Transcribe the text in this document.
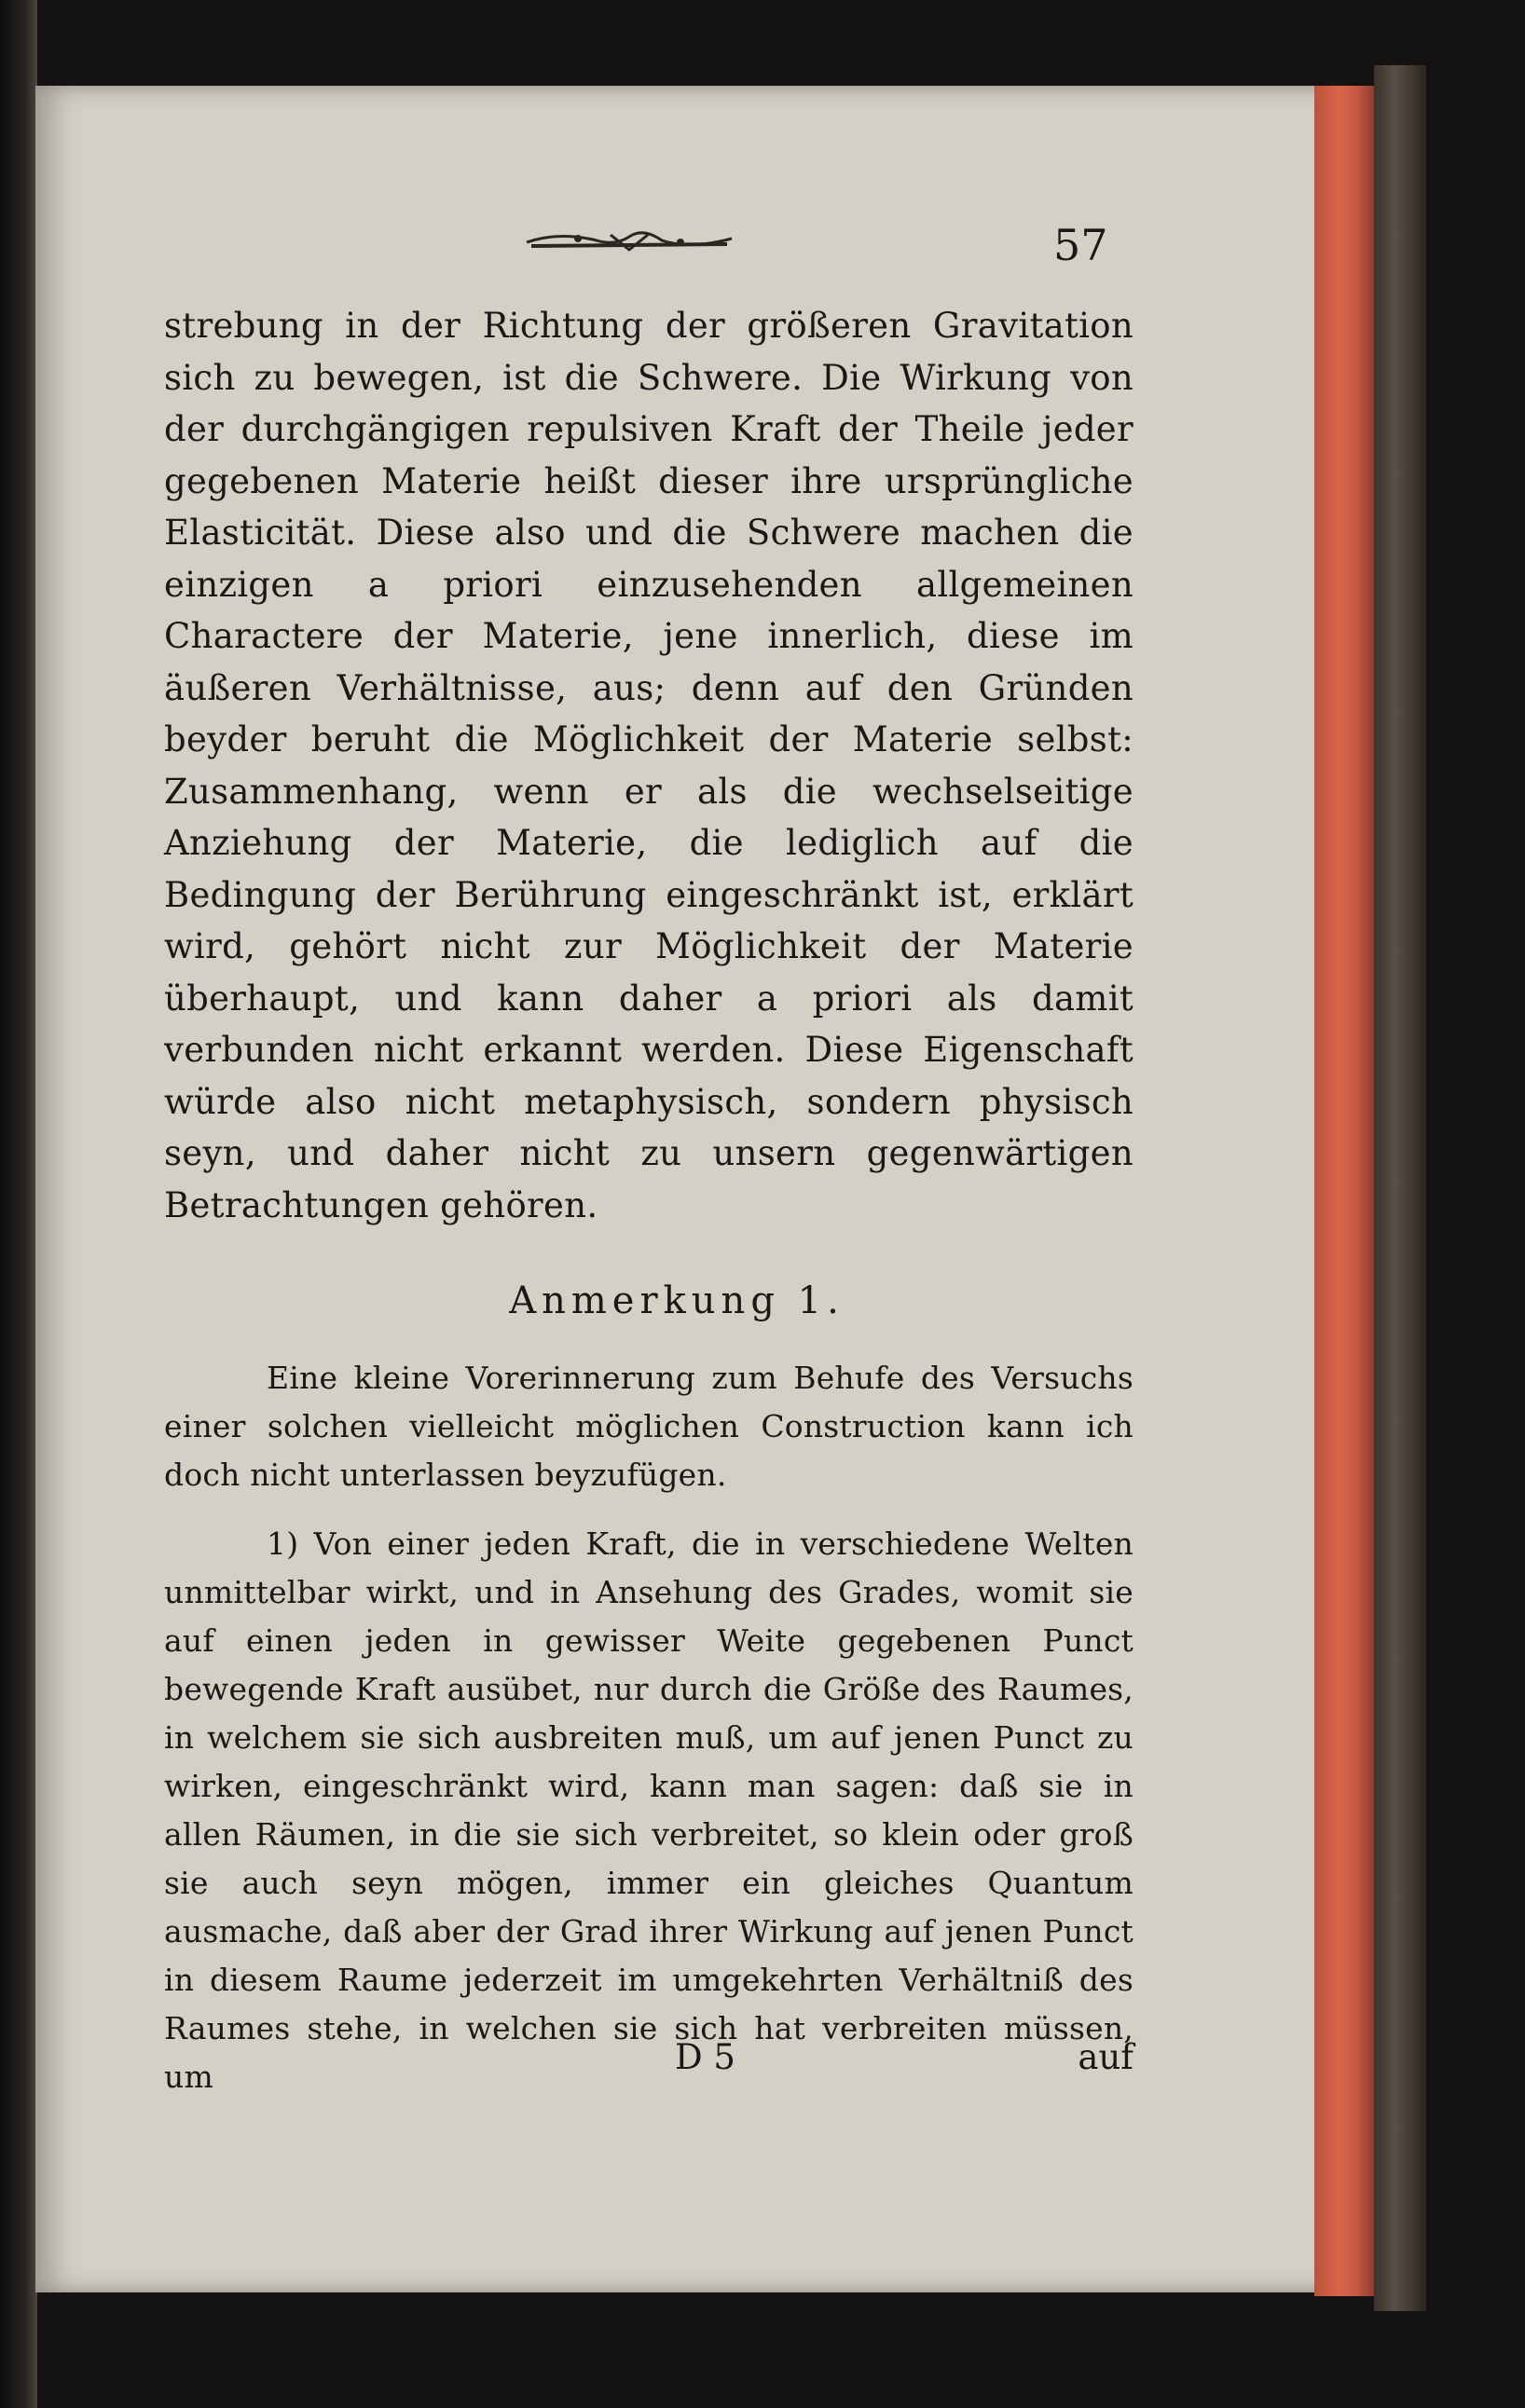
57

strebung in der Richtung der größeren Gravitation sich zu bewegen, ist die Schwere. Die Wirkung von der durchgängigen repulsiven Kraft der Theile jeder gegebenen Materie heißt dieser ihre ursprüngliche Elasticität. Diese also und die Schwere machen die einzigen a priori einzusehenden allgemeinen Charactere der Materie, jene innerlich, diese im äußeren Verhältnisse, aus; denn auf den Gründen beyder beruht die Möglichkeit der Materie selbst: Zusammenhang, wenn er als die wechselseitige Anziehung der Materie, die lediglich auf die Bedingung der Berührung eingeschränkt ist, erklärt wird, gehört nicht zur Möglichkeit der Materie überhaupt, und kann daher a priori als damit verbunden nicht erkannt werden. Diese Eigenschaft würde also nicht metaphysisch, sondern physisch seyn, und daher nicht zu unsern gegenwärtigen Betrachtungen gehören.

Anmerkung 1.

Eine kleine Vorerinnerung zum Behufe des Versuchs einer solchen vielleicht möglichen Construction kann ich doch nicht unterlassen beyzufügen.

1) Von einer jeden Kraft, die in verschiedene Welten unmittelbar wirkt, und in Ansehung des Grades, womit sie auf einen jeden in gewisser Weite gegebenen Punct bewegende Kraft ausübet, nur durch die Größe des Raumes, in welchem sie sich ausbreiten muß, um auf jenen Punct zu wirken, eingeschränkt wird, kann man sagen: daß sie in allen Räumen, in die sie sich verbreitet, so klein oder groß sie auch seyn mögen, immer ein gleiches Quantum ausmache, daß aber der Grad ihrer Wirkung auf jenen Punct in diesem Raume jederzeit im umgekehrten Verhältniß des Raumes stehe, in welchen sie sich hat verbreiten müssen, um	D 5	auf
